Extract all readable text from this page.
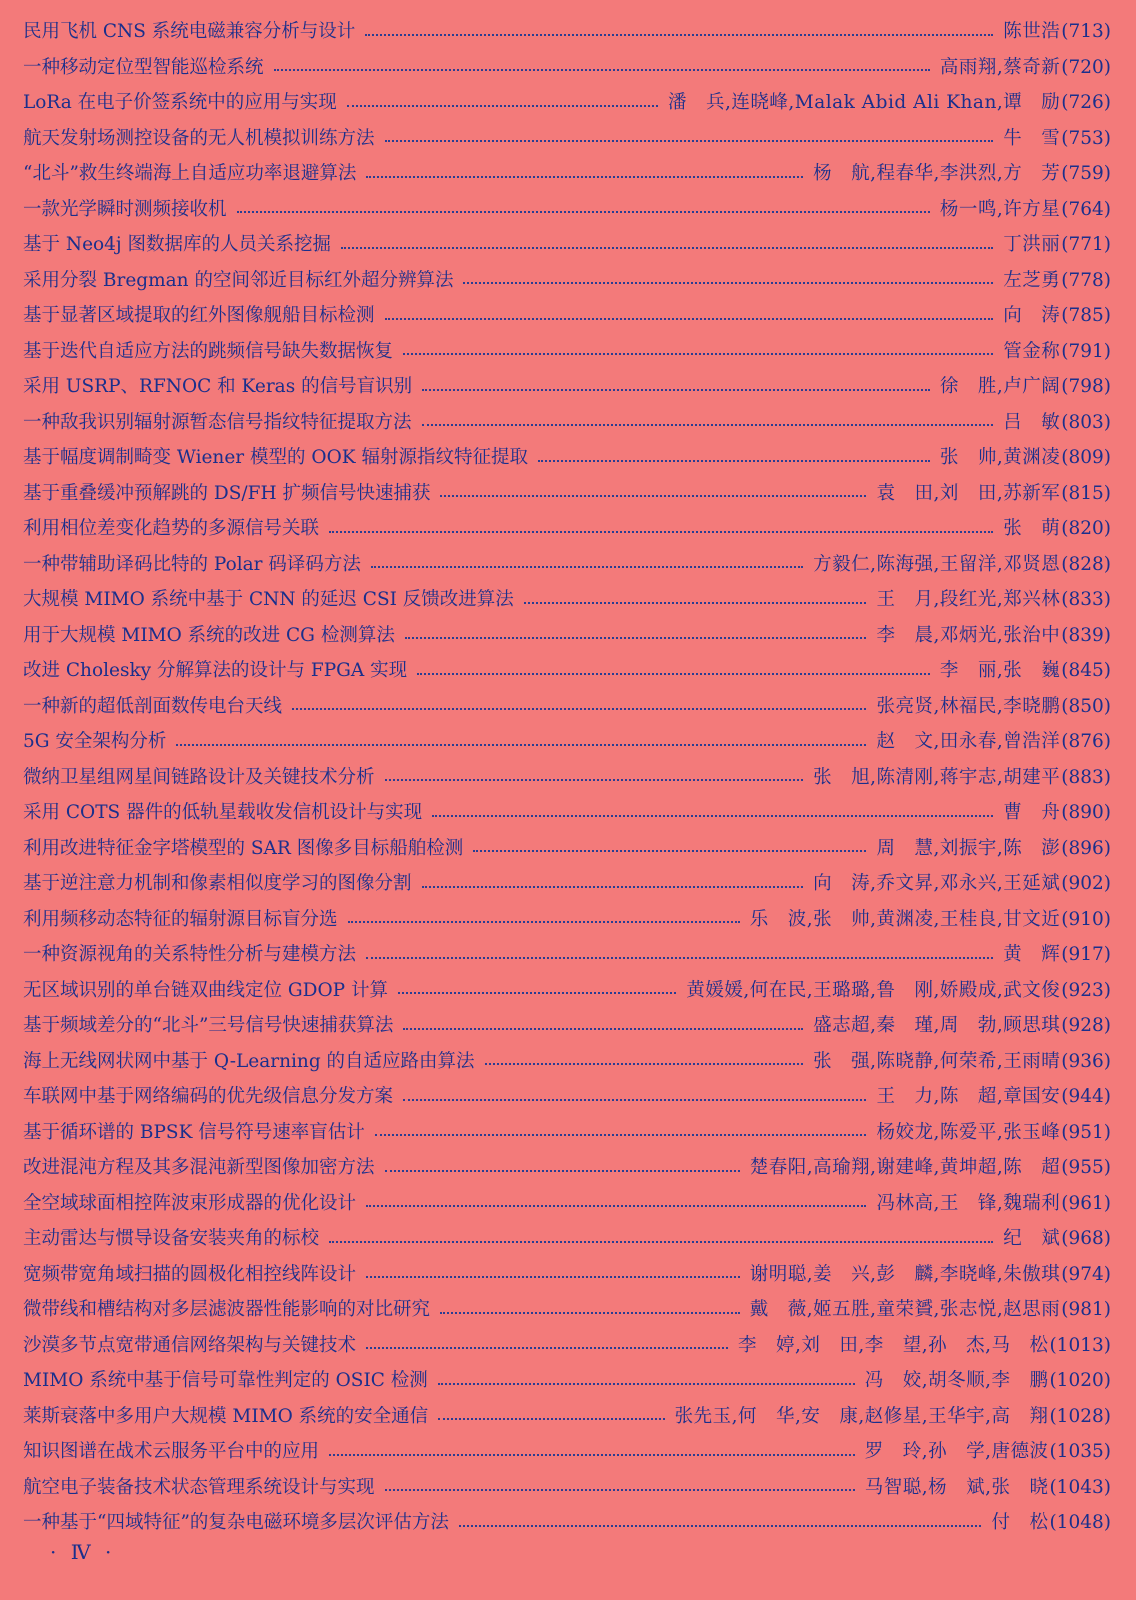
民用飞机 CNS 系统电磁兼容分析与设计	陈世浩(713)
一种移动定位型智能巡检系统	高雨翔,蔡奇新(720)
LoRa 在电子价签系统中的应用与实现	潘　兵,连晓峰,Malak Abid Ali Khan,谭　励(726)
航天发射场测控设备的无人机模拟训练方法	牛　雪(753)
“北斗”救生终端海上自适应功率退避算法	杨　航,程春华,李洪烈,方　芳(759)
一款光学瞬时测频接收机	杨一鸣,许方星(764)
基于 Neo4j 图数据库的人员关系挖掘	丁洪丽(771)
采用分裂 Bregman 的空间邻近目标红外超分辨算法	左芝勇(778)
基于显著区域提取的红外图像舰船目标检测	向　涛(785)
基于迭代自适应方法的跳频信号缺失数据恢复	管金称(791)
采用 USRP、RFNOC 和 Keras 的信号盲识别	徐　胜,卢广阔(798)
一种敌我识别辐射源暂态信号指纹特征提取方法	吕　敏(803)
基于幅度调制畸变 Wiener 模型的 OOK 辐射源指纹特征提取	张　帅,黄渊凌(809)
基于重叠缓冲预解跳的 DS/FH 扩频信号快速捕获	袁　田,刘　田,苏新军(815)
利用相位差变化趋势的多源信号关联	张　萌(820)
一种带辅助译码比特的 Polar 码译码方法	方毅仁,陈海强,王留洋,邓贤恩(828)
大规模 MIMO 系统中基于 CNN 的延迟 CSI 反馈改进算法	王　月,段红光,郑兴林(833)
用于大规模 MIMO 系统的改进 CG 检测算法	李　晨,邓炳光,张治中(839)
改进 Cholesky 分解算法的设计与 FPGA 实现	李　丽,张　巍(845)
一种新的超低剖面数传电台天线	张亮贤,林福民,李晓鹏(850)
5G 安全架构分析	赵　文,田永春,曾浩洋(876)
微纳卫星组网星间链路设计及关键技术分析	张　旭,陈清刚,蒋宇志,胡建平(883)
采用 COTS 器件的低轨星载收发信机设计与实现	曹　舟(890)
利用改进特征金字塔模型的 SAR 图像多目标船舶检测	周　慧,刘振宇,陈　澎(896)
基于逆注意力机制和像素相似度学习的图像分割	向　涛,乔文昇,邓永兴,王延斌(902)
利用频移动态特征的辐射源目标盲分选	乐　波,张　帅,黄渊凌,王桂良,甘文近(910)
一种资源视角的关系特性分析与建模方法	黄　辉(917)
无区域识别的单台链双曲线定位 GDOP 计算	黄媛媛,何在民,王璐璐,鲁　刚,娇殿成,武文俊(923)
基于频域差分的“北斗”三号信号快速捕获算法	盛志超,秦　瑾,周　勃,顾思琪(928)
海上无线网状网中基于 Q-Learning 的自适应路由算法	张　强,陈晓静,何荣希,王雨晴(936)
车联网中基于网络编码的优先级信息分发方案	王　力,陈　超,章国安(944)
基于循环谱的 BPSK 信号符号速率盲估计	杨姣龙,陈爱平,张玉峰(951)
改进混沌方程及其多混沌新型图像加密方法	楚春阳,高瑜翔,谢建峰,黄坤超,陈　超(955)
全空域球面相控阵波束形成器的优化设计	冯林高,王　锋,魏瑞利(961)
主动雷达与惯导设备安装夹角的标校	纪　斌(968)
宽频带宽角域扫描的圆极化相控线阵设计	谢明聪,姜　兴,彭　麟,李晓峰,朱傲琪(974)
微带线和槽结构对多层滤波器性能影响的对比研究	戴　薇,姬五胜,童荣贇,张志悦,赵思雨(981)
沙漠多节点宽带通信网络架构与关键技术	李　婷,刘　田,李　望,孙　杰,马　松(1013)
MIMO 系统中基于信号可靠性判定的 OSIC 检测	冯　姣,胡冬顺,李　鹏(1020)
莱斯衰落中多用户大规模 MIMO 系统的安全通信	张先玉,何　华,安　康,赵修星,王华宇,高　翔(1028)
知识图谱在战术云服务平台中的应用	罗　玲,孙　学,唐德波(1035)
航空电子装备技术状态管理系统设计与实现	马智聪,杨　斌,张　晓(1043)
一种基于“四域特征”的复杂电磁环境多层次评估方法	付　松(1048)
· Ⅳ ·
